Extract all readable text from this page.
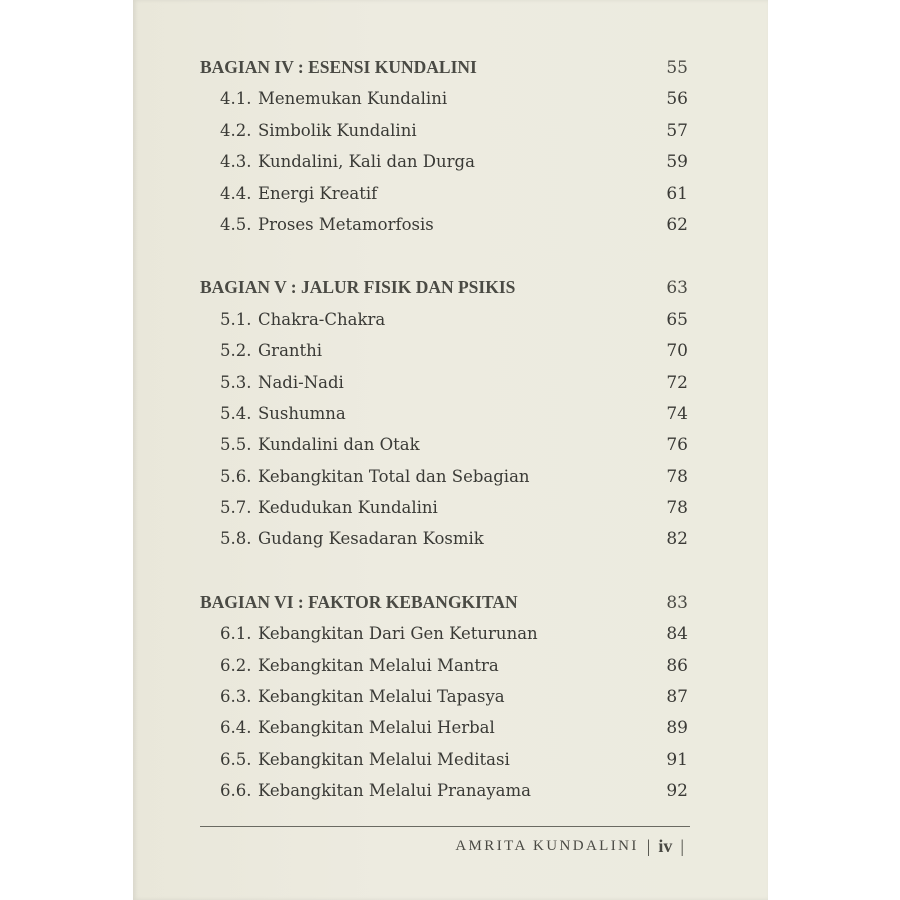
BAGIAN IV : ESENSI KUNDALINI	55
4.1. Menemukan Kundalini	56
4.2. Simbolik Kundalini	57
4.3. Kundalini, Kali dan Durga	59
4.4. Energi Kreatif	61
4.5. Proses Metamorfosis	62
BAGIAN V : JALUR FISIK DAN PSIKIS	63
5.1. Chakra-Chakra	65
5.2. Granthi	70
5.3. Nadi-Nadi	72
5.4. Sushumna	74
5.5. Kundalini dan Otak	76
5.6. Kebangkitan Total dan Sebagian	78
5.7. Kedudukan Kundalini	78
5.8. Gudang Kesadaran Kosmik	82
BAGIAN VI : FAKTOR KEBANGKITAN	83
6.1. Kebangkitan Dari Gen Keturunan	84
6.2. Kebangkitan Melalui Mantra	86
6.3. Kebangkitan Melalui Tapasya	87
6.4. Kebangkitan Melalui Herbal	89
6.5. Kebangkitan Melalui Meditasi	91
6.6. Kebangkitan Melalui Pranayama	92
AMRITA KUNDALINI | iv |
